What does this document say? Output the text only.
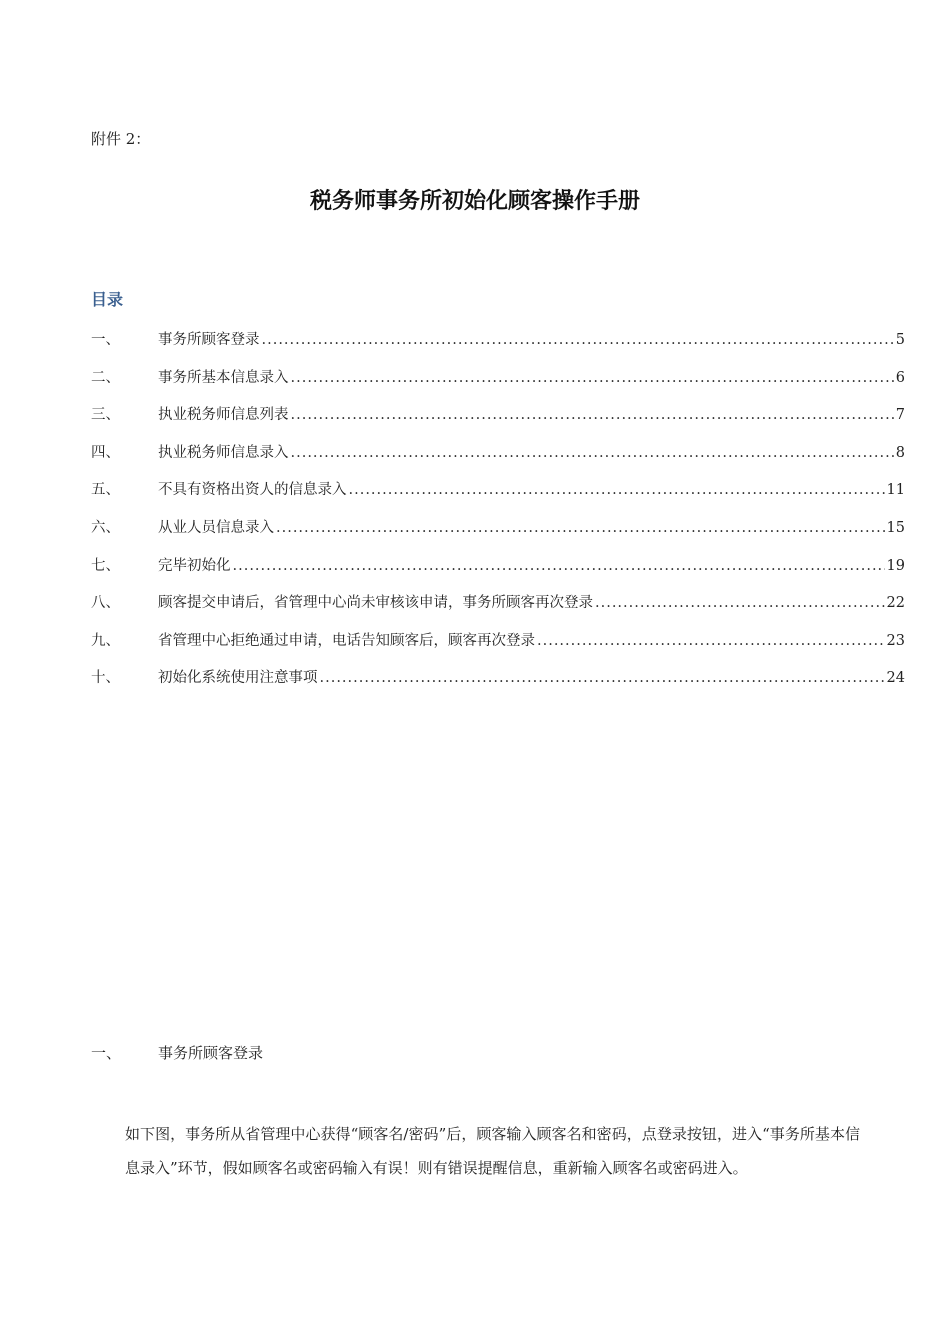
附件 2：
税务师事务所初始化顾客操作手册
目录
一、	事务所顾客登录 .....	5
二、	事务所基本信息录入 .....	6
三、	执业税务师信息列表 .....	7
四、	执业税务师信息录入 .....	8
五、	不具有资格出资人的信息录入 .....	11
六、	从业人员信息录入 .....	15
七、	完毕初始化 .....	19
八、	顾客提交申请后，省管理中心尚未审核该申请，事务所顾客再次登录 .....	22
九、	省管理中心拒绝通过申请，电话告知顾客后，顾客再次登录 .....	23
十、	初始化系统使用注意事项 .....	24
一、	事务所顾客登录
如下图，事务所从省管理中心获得“顾客名/密码”后，顾客输入顾客名和密码，点登录按钮，进入“事务所基本信息录入”环节，假如顾客名或密码输入有误！则有错误提醒信息，重新输入顾客名或密码进入。
